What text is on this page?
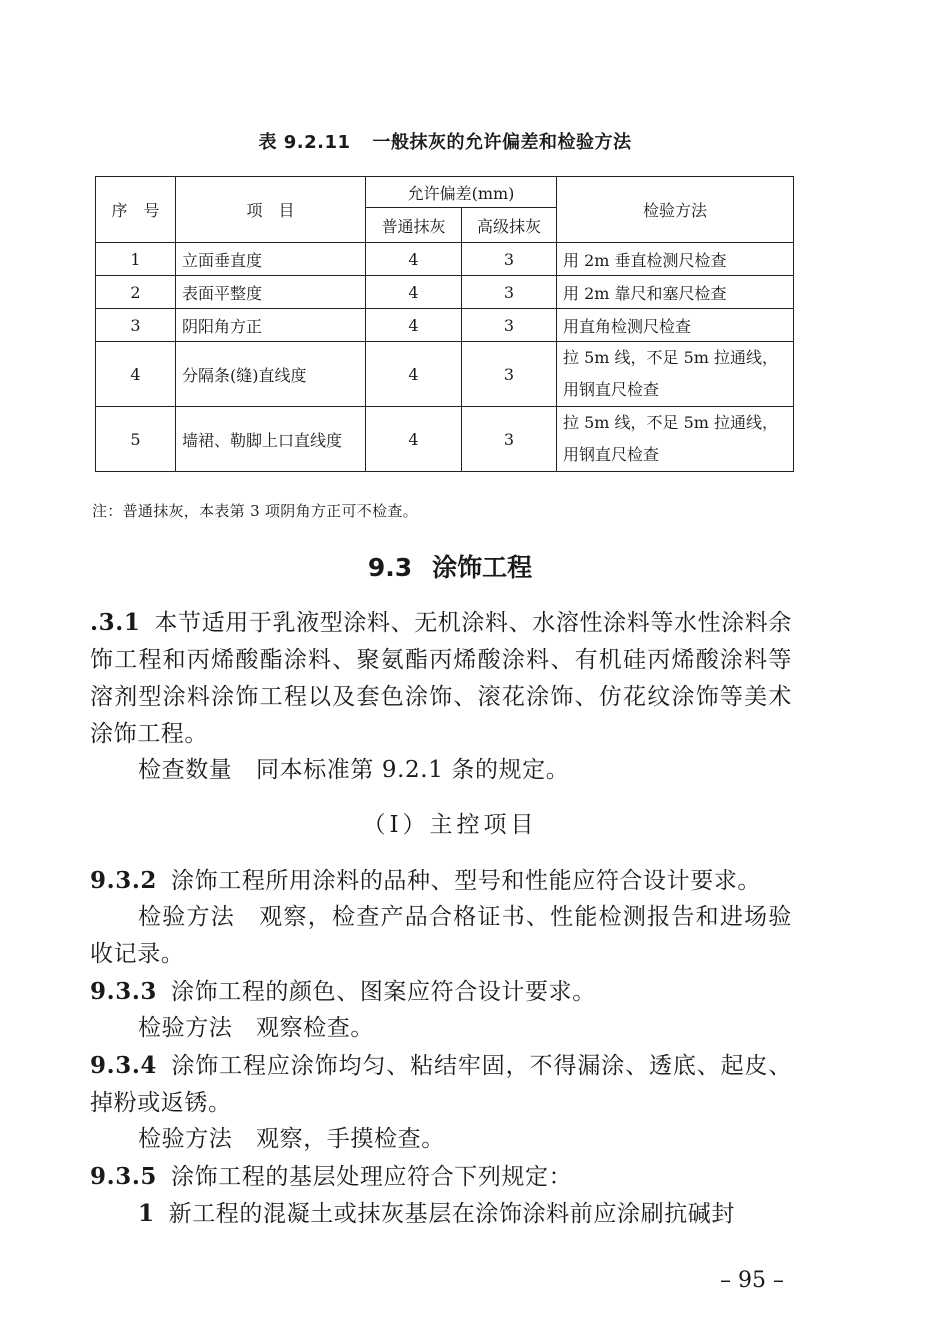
表 9.2.11 一般抹灰的允许偏差和检验方法
序　号	项　目	允许偏差(mm)		检验方法
		普通抹灰	高级抹灰	
1	立面垂直度	4	3	用 2m 垂直检测尺检查
2	表面平整度	4	3	用 2m 靠尺和塞尺检查
3	阴阳角方正	4	3	用直角检测尺检查
4	分隔条(缝)直线度	4	3	拉 5m 线，不足 5m 拉通线，
用钢直尺检查

5	墙裙、勒脚上口直线度	4	3	拉 5m 线，不足 5m 拉通线，
用钢直尺检查
注：普通抹灰，本表第 3 项阴角方正可不检查。
9.3 涂饰工程
.3.1 本节适用于乳液型涂料、无机涂料、水溶性涂料等水性涂料余饰工程和丙烯酸酯涂料、聚氨酯丙烯酸涂料、有机硅丙烯酸涂料等溶剂型涂料涂饰工程以及套色涂饰、滚花涂饰、仿花纹涂饰等美术涂饰工程。
检查数量　同本标准第 9.2.1 条的规定。
（Ⅰ）主控项目
9.3.2 涂饰工程所用涂料的品种、型号和性能应符合设计要求。
检验方法　观察，检查产品合格证书、性能检测报告和进场验收记录。
9.3.3 涂饰工程的颜色、图案应符合设计要求。
检验方法　观察检查。
9.3.4 涂饰工程应涂饰均匀、粘结牢固，不得漏涂、透底、起皮、掉粉或返锈。
检验方法　观察，手摸检查。
9.3.5 涂饰工程的基层处理应符合下列规定：
1 新工程的混凝土或抹灰基层在涂饰涂料前应涂刷抗碱封
– 95 –
